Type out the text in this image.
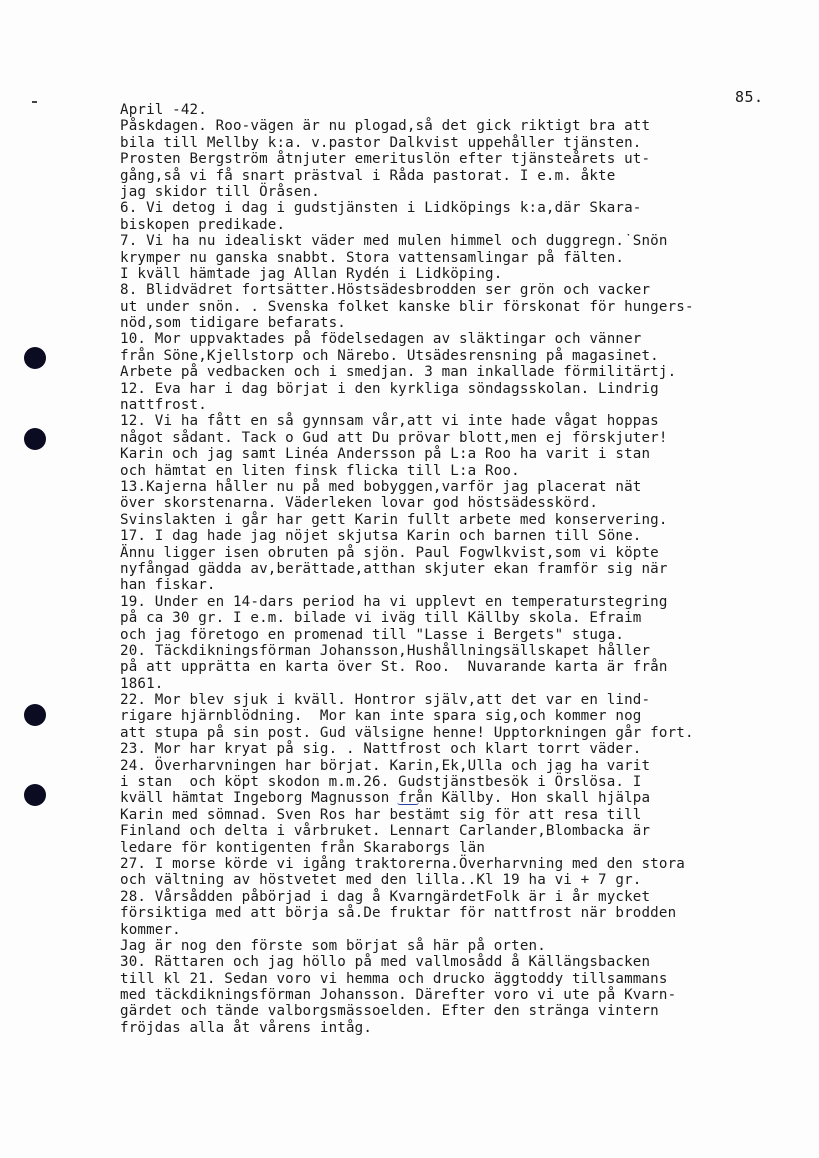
85.
April -42.
Påskdagen. Roo-vägen är nu plogad,så det gick riktigt bra att
bila till Mellby k:a. v.pastor Dalkvist uppehåller tjänsten.
Prosten Bergström åtnjuter emerituslön efter tjänsteårets ut-
gång,så vi få snart prästval i Råda pastorat. I e.m. åkte
jag skidor till Öråsen.
6. Vi detog i dag i gudstjänsten i Lidköpings k:a,där Skara-
biskopen predikade.
7. Vi ha nu idealiskt väder med mulen himmel och duggregn.˙Snön
krymper nu ganska snabbt. Stora vattensamlingar på fälten.
I kväll hämtade jag Allan Rydén i Lidköping.
8. Blidvädret fortsätter.Höstsädesbrodden ser grön och vacker
ut under snön. . Svenska folket kanske blir förskonat för hungers-
nöd,som tidigare befarats.
10. Mor uppvaktades på födelsedagen av släktingar och vänner
från Söne,Kjellstorp och Närebo. Utsädesrensning på magasinet.
Arbete på vedbacken och i smedjan. 3 man inkallade förmilitärtj.
12. Eva har i dag börjat i den kyrkliga söndagsskolan. Lindrig
nattfrost.
12. Vi ha fått en så gynnsam vår,att vi inte hade vågat hoppas
något sådant. Tack o Gud att Du prövar blott,men ej förskjuter!
Karin och jag samt Linéa Andersson på L:a Roo ha varit i stan
och hämtat en liten finsk flicka till L:a Roo.
13.Kajerna håller nu på med bobyggen,varför jag placerat nät
över skorstenarna. Väderleken lovar god höstsädesskörd.
Svinslakten i går har gett Karin fullt arbete med konservering.
17. I dag hade jag nöjet skjutsa Karin och barnen till Söne.
Ännu ligger isen obruten på sjön. Paul Fogwlkvist,som vi köpte
nyfångad gädda av,berättade,atthan skjuter ekan framför sig när
han fiskar.
19. Under en 14-dars period ha vi upplevt en temperaturstegring
på ca 30 gr. I e.m. bilade vi iväg till Källby skola. Efraim
och jag företogo en promenad till "Lasse i Bergets" stuga.
20. Täckdikningsförman Johansson,Hushållningsällskapet håller
på att upprätta en karta över St. Roo.  Nuvarande karta är från
1861.
22. Mor blev sjuk i kväll. Hontror själv,att det var en lind-
rigare hjärnblödning.  Mor kan inte spara sig,och kommer nog
att stupa på sin post. Gud välsigne henne! Upptorkningen går fort.
23. Mor har kryat på sig. . Nattfrost och klart torrt väder.
24. Överharvningen har börjat. Karin,Ek,Ulla och jag ha varit
i stan  och köpt skodon m.m.26. Gudstjänstbesök i Örslösa. I
kväll hämtat Ingeborg Magnusson från Källby. Hon skall hjälpa
Karin med sömnad. Sven Ros har bestämt sig för att resa till
Finland och delta i vårbruket. Lennart Carlander,Blombacka är
ledare för kontigenten från Skaraborgs län
27. I morse körde vi igång traktorerna.Överharvning med den stora
och vältning av höstvetet med den lilla..Kl 19 ha vi + 7 gr.
28. Vårsådden påbörjad i dag å KvarngärdetFolk är i år mycket
försiktiga med att börja så.De fruktar för nattfrost när brodden
kommer.
Jag är nog den förste som börjat så här på orten.
30. Rättaren och jag höllo på med vallmosådd å Källängsbacken
till kl 21. Sedan voro vi hemma och drucko äggtoddy tillsammans
med täckdikningsförman Johansson. Därefter voro vi ute på Kvarn-
gärdet och tände valborgsmässoelden. Efter den stränga vintern
fröjdas alla åt vårens intåg.
